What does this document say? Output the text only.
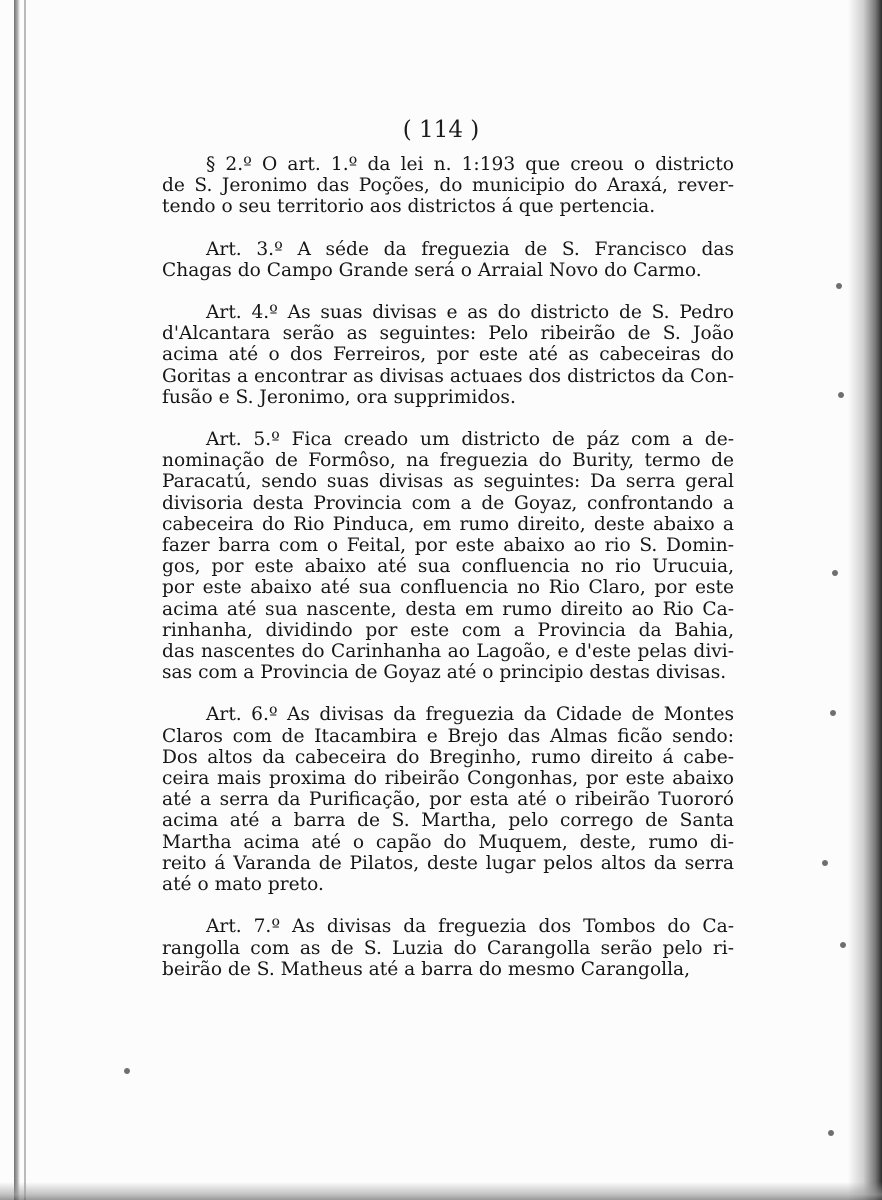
( 114 )
§ 2.º O art. 1.º da lei n. 1:193 que creou o districto
de S. Jeronimo das Poções, do municipio do Araxá, rever-
tendo o seu territorio aos districtos á que pertencia.
Art. 3.º A séde da freguezia de S. Francisco das
Chagas do Campo Grande será o Arraial Novo do Carmo.
Art. 4.º As suas divisas e as do districto de S. Pedro
d'Alcantara serão as seguintes: Pelo ribeirão de S. João
acima até o dos Ferreiros, por este até as cabeceiras do
Goritas a encontrar as divisas actuaes dos districtos da Con-
fusão e S. Jeronimo, ora supprimidos.
Art. 5.º Fica creado um districto de páz com a de-
nominação de Formôso, na freguezia do Burity, termo de
Paracatú, sendo suas divisas as seguintes: Da serra geral
divisoria desta Provincia com a de Goyaz, confrontando a
cabeceira do Rio Pinduca, em rumo direito, deste abaixo a
fazer barra com o Feital, por este abaixo ao rio S. Domin-
gos, por este abaixo até sua confluencia no rio Urucuia,
por este abaixo até sua confluencia no Rio Claro, por este
acima até sua nascente, desta em rumo direito ao Rio Ca-
rinhanha, dividindo por este com a Provincia da Bahia,
das nascentes do Carinhanha ao Lagoão, e d'este pelas divi-
sas com a Provincia de Goyaz até o principio destas divisas.
Art. 6.º As divisas da freguezia da Cidade de Montes
Claros com de Itacambira e Brejo das Almas ficão sendo:
Dos altos da cabeceira do Breginho, rumo direito á cabe-
ceira mais proxima do ribeirão Congonhas, por este abaixo
até a serra da Purificação, por esta até o ribeirão Tuororó
acima até a barra de S. Martha, pelo corrego de Santa
Martha acima até o capão do Muquem, deste, rumo di-
reito á Varanda de Pilatos, deste lugar pelos altos da serra
até o mato preto.
Art. 7.º As divisas da freguezia dos Tombos do Ca-
rangolla com as de S. Luzia do Carangolla serão pelo ri-
beirão de S. Matheus até a barra do mesmo Carangolla,
